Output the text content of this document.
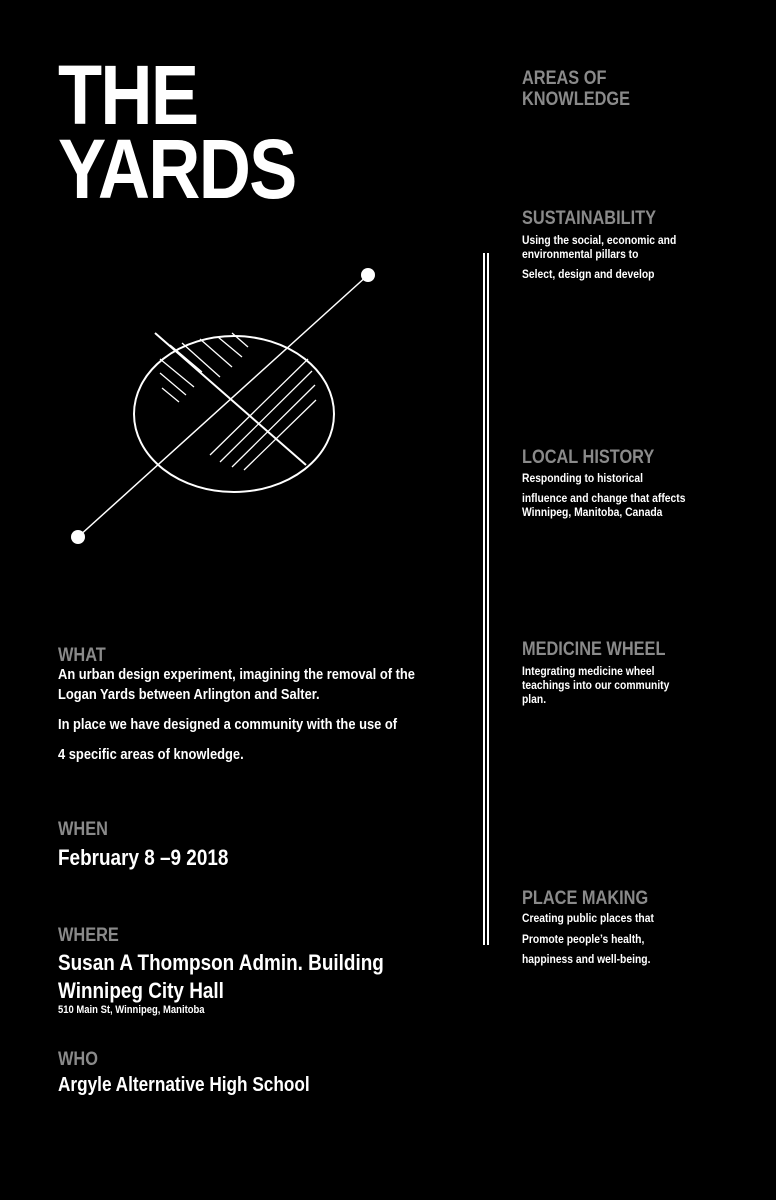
THE
YARDS
WHAT
An urban design experiment, imagining the removal of the
Logan Yards between Arlington and Salter.
In place we have designed a community with the use of
4 specific areas of knowledge.
WHEN
February 8 –9 2018
WHERE
Susan A Thompson Admin. Building
Winnipeg City Hall
510 Main St, Winnipeg, Manitoba
WHO
Argyle Alternative High School
AREAS OF
KNOWLEDGE
SUSTAINABILITY
Using the social, economic and
environmental pillars to
Select, design and develop
LOCAL HISTORY
Responding to historical
influence and change that affects
Winnipeg, Manitoba, Canada
MEDICINE WHEEL
Integrating medicine wheel
teachings into our community
plan.
PLACE MAKING
Creating public places that
Promote people’s health,
happiness and well-being.
